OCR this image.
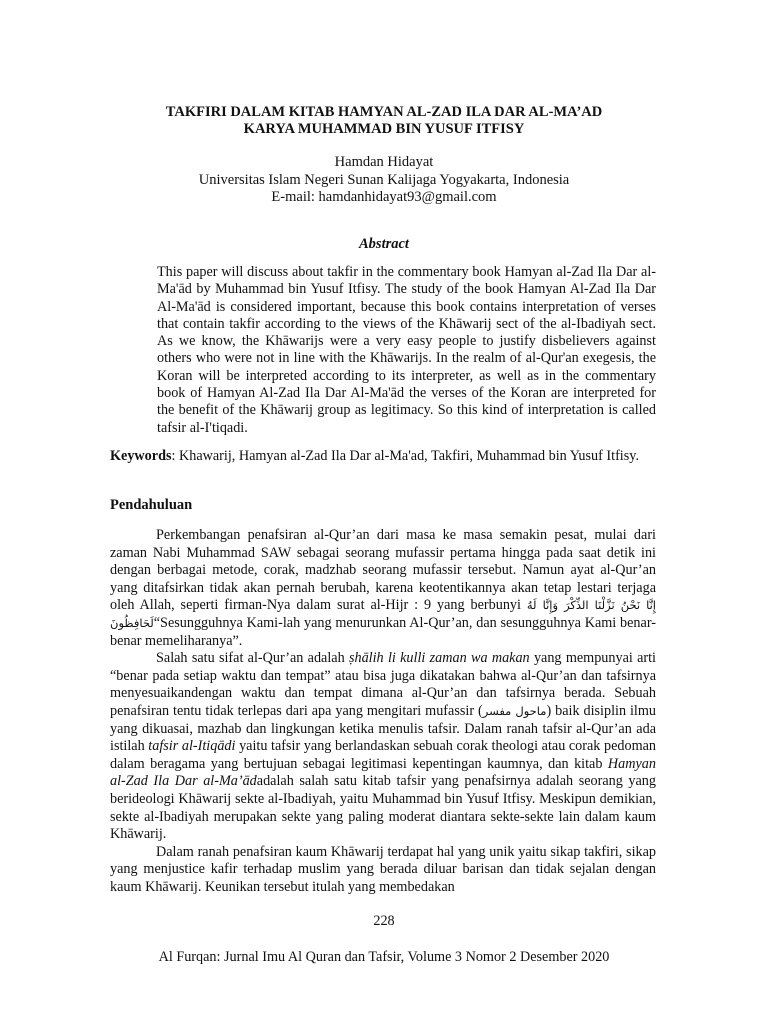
TAKFIRI DALAM KITAB HAMYAN AL-ZAD ILA DAR AL-MA’AD
KARYA MUHAMMAD BIN YUSUF ITFISY
Hamdan Hidayat
Universitas Islam Negeri Sunan Kalijaga Yogyakarta, Indonesia
E-mail: hamdanhidayat93@gmail.com
Abstract

This paper will discuss about takfir in the commentary book Hamyan al-Zad Ila Dar al-Ma'ād by Muhammad bin Yusuf Itfisy. The study of the book Hamyan Al-Zad Ila Dar Al-Ma'ād is considered important, because this book contains interpretation of verses that contain takfir according to the views of the Khāwarij sect of the al-Ibadiyah sect. As we know, the Khāwarijs were a very easy people to justify disbelievers against others who were not in line with the Khāwarijs. In the realm of al-Qur'an exegesis, the Koran will be interpreted according to its interpreter, as well as in the commentary book of Hamyan Al-Zad Ila Dar Al-Ma'ād the verses of the Koran are interpreted for the benefit of the Khāwarij group as legitimacy. So this kind of interpretation is called tafsir al-I'tiqadi.

Keywords: Khawarij, Hamyan al-Zad Ila Dar al-Ma'ad, Takfiri, Muhammad bin Yusuf Itfisy.

Pendahuluan

Perkembangan penafsiran al-Qur’an dari masa ke masa semakin pesat, mulai dari zaman Nabi Muhammad SAW sebagai seorang mufassir pertama hingga pada saat detik ini dengan berbagai metode, corak, madzhab seorang mufassir tersebut. Namun ayat al-Qur’an yang ditafsirkan tidak akan pernah berubah, karena keotentikannya akan tetap lestari terjaga oleh Allah, seperti firman-Nya dalam surat al-Hijr : 9 yang berbunyi إِنَّا نَحْنُ نَزَّلْنَا الذِّكْرَ وَإِنَّا لَهُ لَحَافِظُونَ“Sesungguhnya Kami-lah yang menurunkan Al-Qur’an, dan sesungguhnya Kami benar-benar memeliharanya”.

Salah satu sifat al-Qur’an adalah ṣhālih li kulli zaman wa makan yang mempunyai arti “benar pada setiap waktu dan tempat” atau bisa juga dikatakan bahwa al-Qur’an dan tafsirnya menyesuaikandengan waktu dan tempat dimana al-Qur’an dan tafsirnya berada. Sebuah penafsiran tentu tidak terlepas dari apa yang mengitari mufassir (ماحول مفسر) baik disiplin ilmu yang dikuasai, mazhab dan lingkungan ketika menulis tafsir. Dalam ranah tafsir al-Qur’an ada istilah tafsir al-Itiqādi yaitu tafsir yang berlandaskan sebuah corak theologi atau corak pedoman dalam beragama yang bertujuan sebagai legitimasi kepentingan kaumnya, dan kitab Hamyan al-Zad Ila Dar al-Ma’ādadalah salah satu kitab tafsir yang penafsirnya adalah seorang yang berideologi Khāwarij sekte al-Ibadiyah, yaitu Muhammad bin Yusuf Itfisy. Meskipun demikian, sekte al-Ibadiyah merupakan sekte yang paling moderat diantara sekte-sekte lain dalam kaum Khāwarij.

Dalam ranah penafsiran kaum Khāwarij terdapat hal yang unik yaitu sikap takfiri, sikap yang menjustice kafir terhadap muslim yang berada diluar barisan dan tidak sejalan dengan kaum Khāwarij. Keunikan tersebut itulah yang membedakan

228
Al Furqan: Jurnal Imu Al Quran dan Tafsir, Volume 3 Nomor 2 Desember 2020
